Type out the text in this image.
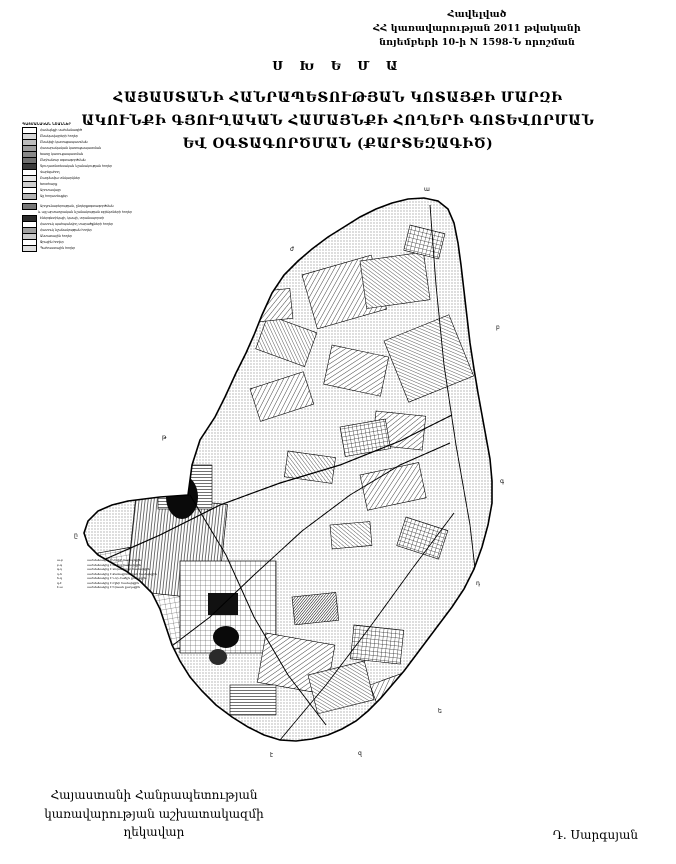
Հավելված
ՀՀ կառավարության 2011 թվականի
նոյեմբերի 10-ի N 1598-Ն որոշման
Ս Խ Ե Մ Ա
ՀԱՅԱՍՏԱՆԻ ՀԱՆՐԱՊԵՏՈՒԹՅԱՆ ԿՈՏԱՅՔԻ ՄԱՐԶԻ
ԱԿՈՒՆՔԻ ԳՅՈՒՂԱԿԱՆ ՀԱՄԱՅՆՔԻ ՀՈՂԵՐԻ ԳՈՏԵՎՈՐՄԱՆ
ԵՎ ՕԳՏԱԳՈՐԾՄԱՆ (ՔԱՐՏԵԶԱԳԻԾ)
ա
բ
գ
դ
ե
զ
է
ը
թ
ժ
ՊԱՅՄԱՆԱԿԱՆ ՆՇԱՆՆԵՐ
Համայնքի սահմանագիծ
Բնակավայրերի հողեր
Բնակելի կառուցապատման
Հասարակական կառուցապատման
Խառը կառուցապատման
Ընդհանուր օգտագործման
Գյուղատնտեսական նշանակության հողեր
Վարելահող
Բազմամյա տնկարկներ
Խոտհարք
Արոտավայր
Այլ հողատեսքեր
Արդյունաբերության, ընդերքօգտագործման
և այլ արտադրական նշանակության օբյեկտների հողեր
Էներգետիկայի, կապի, տրանսպորտի
Հատուկ պահպանվող տարածքների հողեր
Հատուկ նշանակության հողեր
Անտառային հողեր
Ջրային հողեր
Պահուստային հողեր
ա-բ	սահմանակից է Արզնի համայնքին
բ-գ	սահմանակից է Առինջ համայնքին
գ-դ	սահմանակից է Ձորաղբյուր համայնքին
դ-ե	սահմանակից է Քանաքեռավան համայնքին
ե-զ	սահմանակից է Նոր Հաճըն քաղաքին
զ-է	սահմանակից է Բջնի համայնքին
է-ա	սահմանակից է Երևան քաղաքին
Հայաստանի Հանրապետության
կառավարության աշխատակազմի
ղեկավար	Դ. Սարգսյան
